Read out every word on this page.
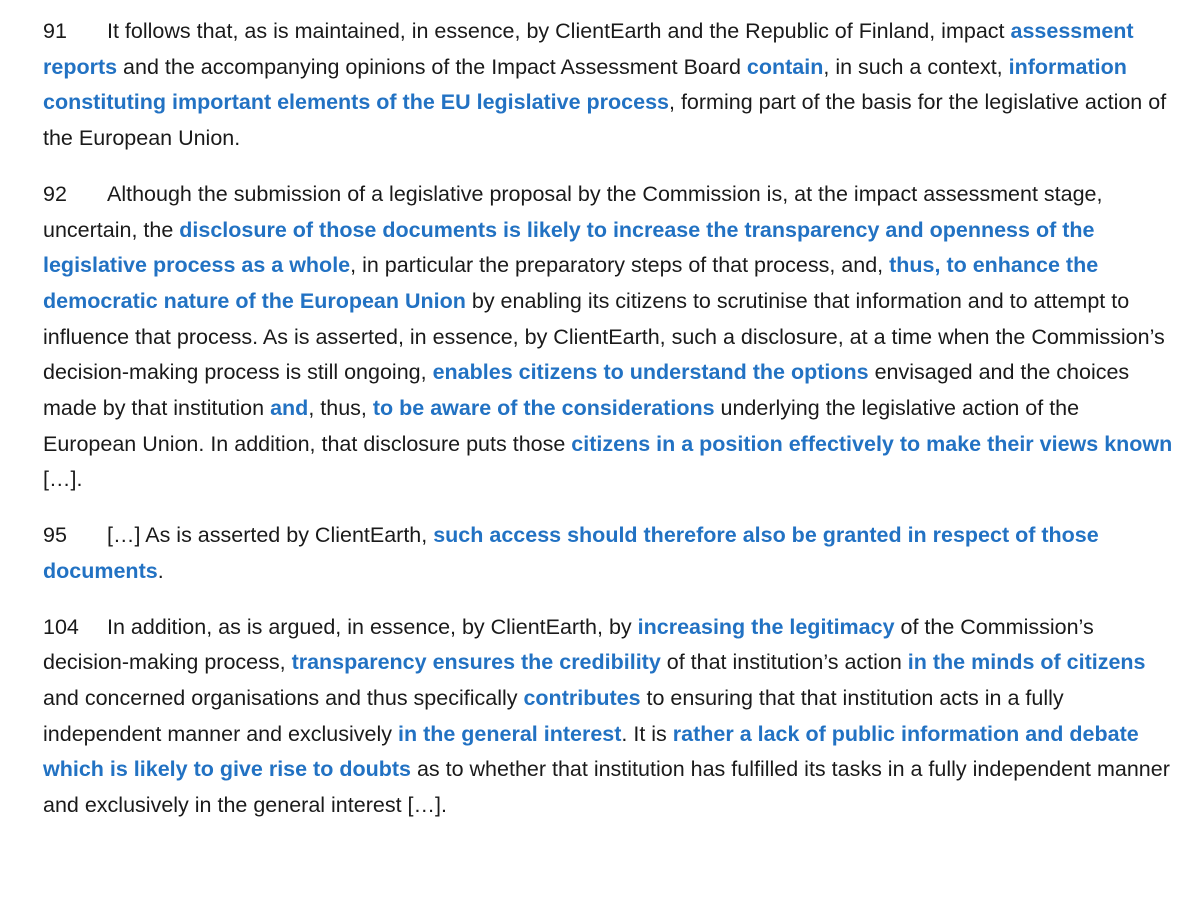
91 It follows that, as is maintained, in essence, by ClientEarth and the Republic of Finland, impact assessment reports and the accompanying opinions of the Impact Assessment Board contain, in such a context, information constituting important elements of the EU legislative process, forming part of the basis for the legislative action of the European Union.

92 Although the submission of a legislative proposal by the Commission is, at the impact assessment stage, uncertain, the disclosure of those documents is likely to increase the transparency and openness of the legislative process as a whole, in particular the preparatory steps of that process, and, thus, to enhance the democratic nature of the European Union by enabling its citizens to scrutinise that information and to attempt to influence that process. As is asserted, in essence, by ClientEarth, such a disclosure, at a time when the Commission’s decision-making process is still ongoing, enables citizens to understand the options envisaged and the choices made by that institution and, thus, to be aware of the considerations underlying the legislative action of the European Union. In addition, that disclosure puts those citizens in a position effectively to make their views known […].

95 […] As is asserted by ClientEarth, such access should therefore also be granted in respect of those documents.

104 In addition, as is argued, in essence, by ClientEarth, by increasing the legitimacy of the Commission’s decision-making process, transparency ensures the credibility of that institution’s action in the minds of citizens and concerned organisations and thus specifically contributes to ensuring that that institution acts in a fully independent manner and exclusively in the general interest. It is rather a lack of public information and debate which is likely to give rise to doubts as to whether that institution has fulfilled its tasks in a fully independent manner and exclusively in the general interest […].
